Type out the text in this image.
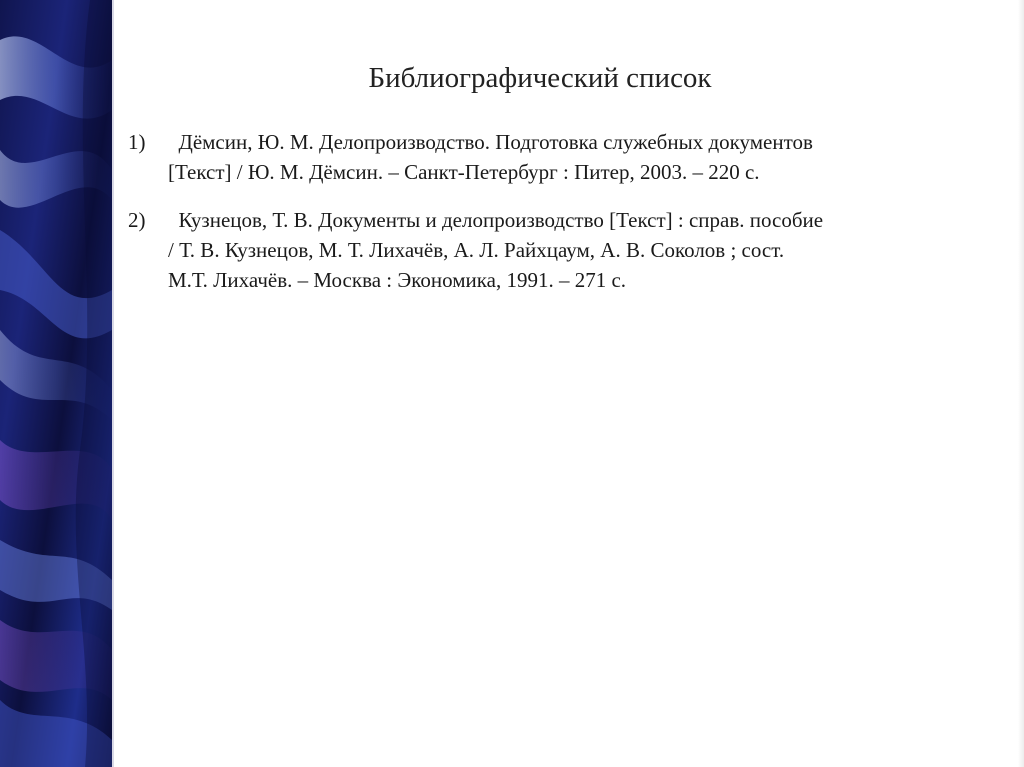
Библиографический список
1) Дёмсин, Ю. М. Делопроизводство. Подготовка служебных документов
[Текст] / Ю. М. Дёмсин. – Санкт-Петербург : Питер, 2003. – 220 с.
2) Кузнецов, Т. В. Документы и делопроизводство [Текст] : справ. пособие
/ Т. В. Кузнецов, М. Т. Лихачёв, А. Л. Райхцаум, А. В. Соколов ; сост.
М.Т. Лихачёв. – Москва : Экономика, 1991. – 271 с.
